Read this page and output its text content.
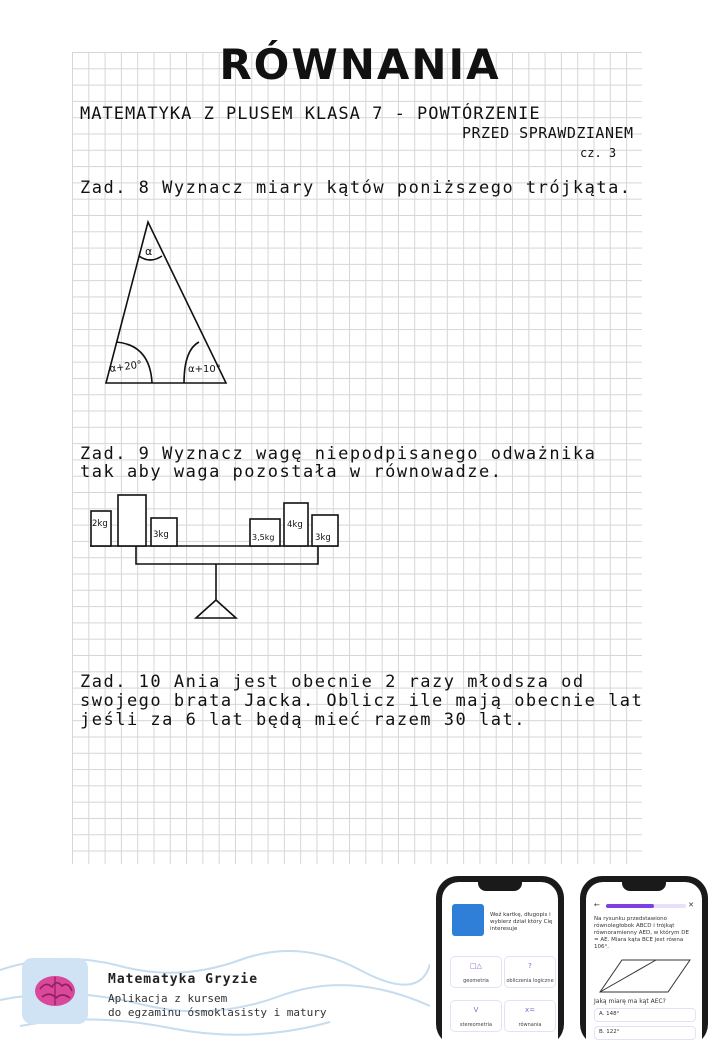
RÓWNANIA
MATEMATYKA Z PLUSEM KLASA 7 - POWTÓRZENIE
PRZED SPRAWDZIANEM
cz. 3
Zad. 8 Wyznacz miary kątów poniższego trójkąta.
Zad. 9 Wyznacz wagę niepodpisanego odważnika
tak aby waga pozostała w równowadze.
Zad. 10 Ania jest obecnie 2 razy młodsza od
swojego brata Jacka. Oblicz ile mają obecnie lat
jeśli za 6 lat będą mieć razem 30 lat.
α
α+20°	α+10°
2kg
3kg	3,5kg
4kg
3kg
Matematyka Gryzie
Aplikacja z kursem
do egzaminu ósmoklasisty i matury
Weź kartkę, długopis i wybierz dział który Cię interesuje
□△
geometria
?
obliczenia logiczne
V
stereometria
x=
równania
←	✕
Na rysunku przedstawiono równoległobok ABCD i trójkąt równoramienny AED, w którym DE = AE. Miara kąta BCE jest równa 106°.
Jaką miarę ma kąt AEC?
A. 148°
B. 122°
